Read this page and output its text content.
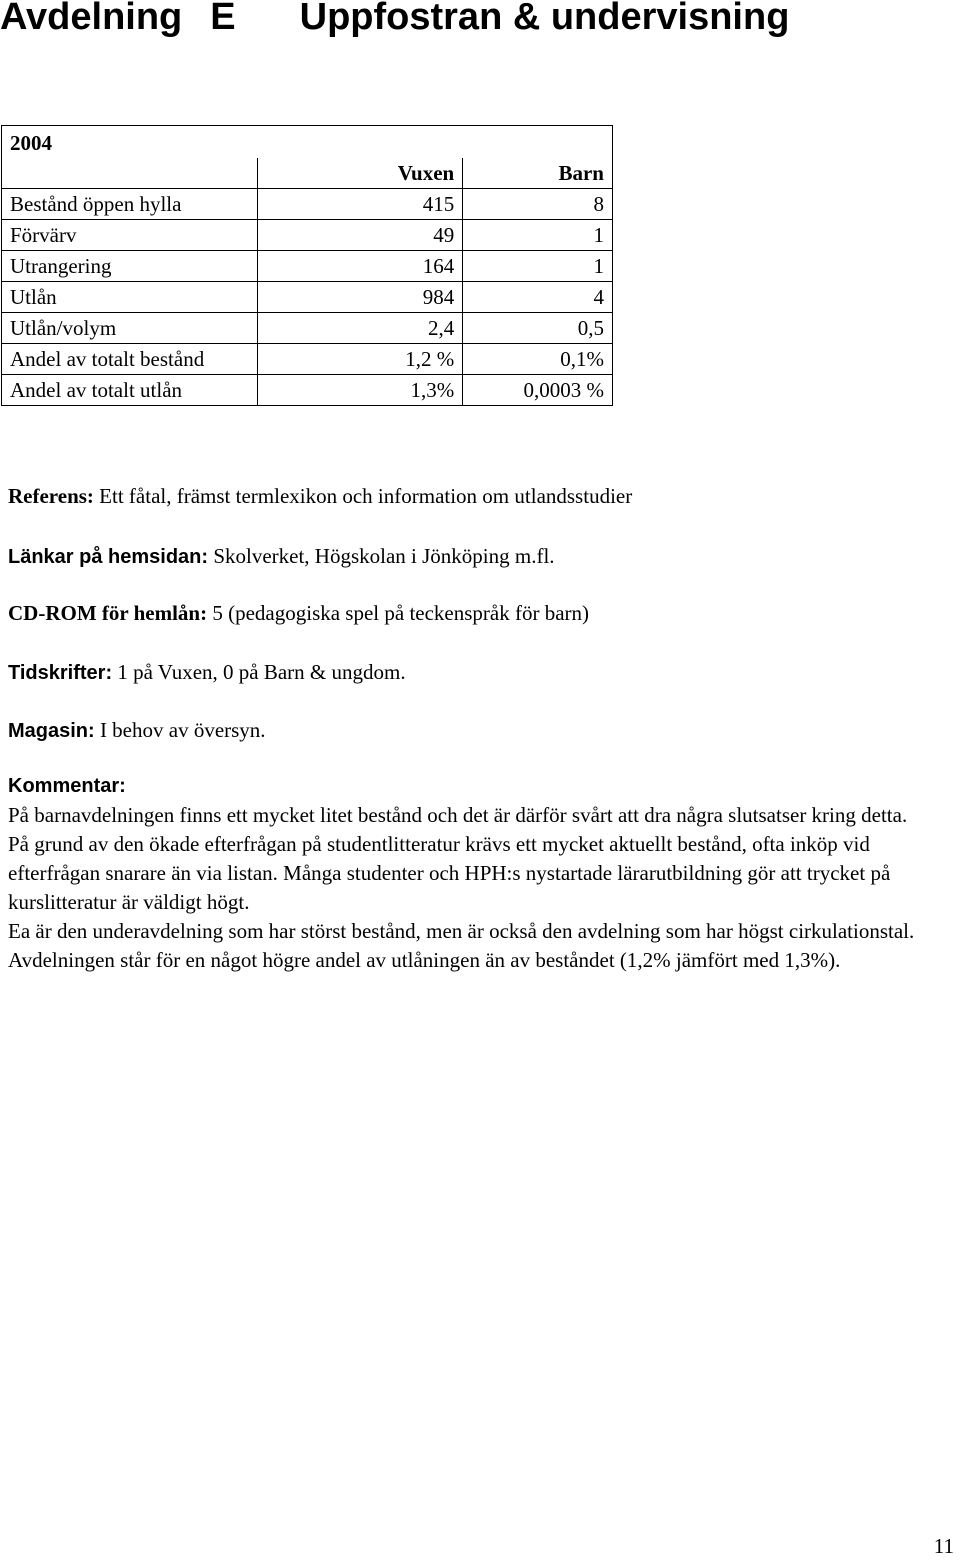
Avdelning E Uppfostran & undervisning
2004		
	Vuxen	Barn
Bestånd öppen hylla	415	8
Förvärv	49	1
Utrangering	164	1
Utlån	984	4
Utlån/volym	2,4	0,5
Andel av totalt bestånd	1,2 %	0,1%
Andel av totalt utlån	1,3%	0,0003 %

Referens: Ett fåtal, främst termlexikon och information om utlandsstudier

Länkar på hemsidan: Skolverket, Högskolan i Jönköping m.fl.

CD-ROM för hemlån: 5 (pedagogiska spel på teckenspråk för barn)

Tidskrifter: 1 på Vuxen, 0 på Barn & ungdom.

Magasin: I behov av översyn.

Kommentar:

På barnavdelningen finns ett mycket litet bestånd och det är därför svårt att dra några slutsatser kring detta.

På grund av den ökade efterfrågan på studentlitteratur krävs ett mycket aktuellt bestånd, ofta inköp vid efterfrågan snarare än via listan. Många studenter och HPH:s nystartade lärarutbildning gör att trycket på kurslitteratur är väldigt högt.

Ea är den underavdelning som har störst bestånd, men är också den avdelning som har högst cirkulationstal.

Avdelningen står för en något högre andel av utlåningen än av beståndet (1,2% jämfört med 1,3%).

11
